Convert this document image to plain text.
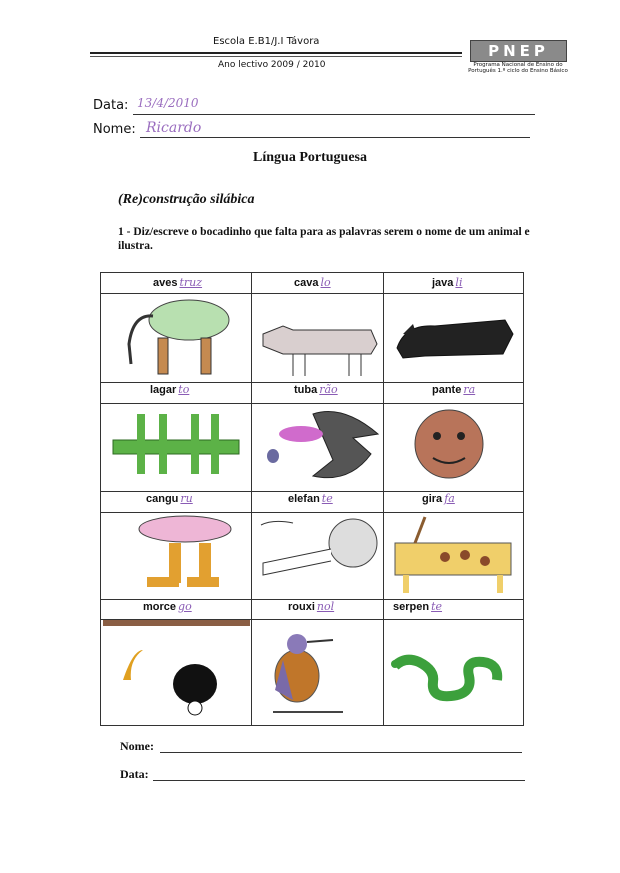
Escola E.B1/J.I Távora
Ano lectivo 2009 / 2010
PNEP
Programa Nacional de Ensino do Português 1.º ciclo do Ensino Básico
Data: 13/4/2010
Nome: Ricardo
Língua Portuguesa
(Re)construção silábica
1 - Diz/escreve o bocadinho que falta para as palavras serem o nome de um animal e ilustra.
aves truz	cava lo	java li
lagar to	tuba rão	pante ra
cangu ru	elefan te	gira fa
morce go	rouxi nol	serpen te
Nome:
Data:
